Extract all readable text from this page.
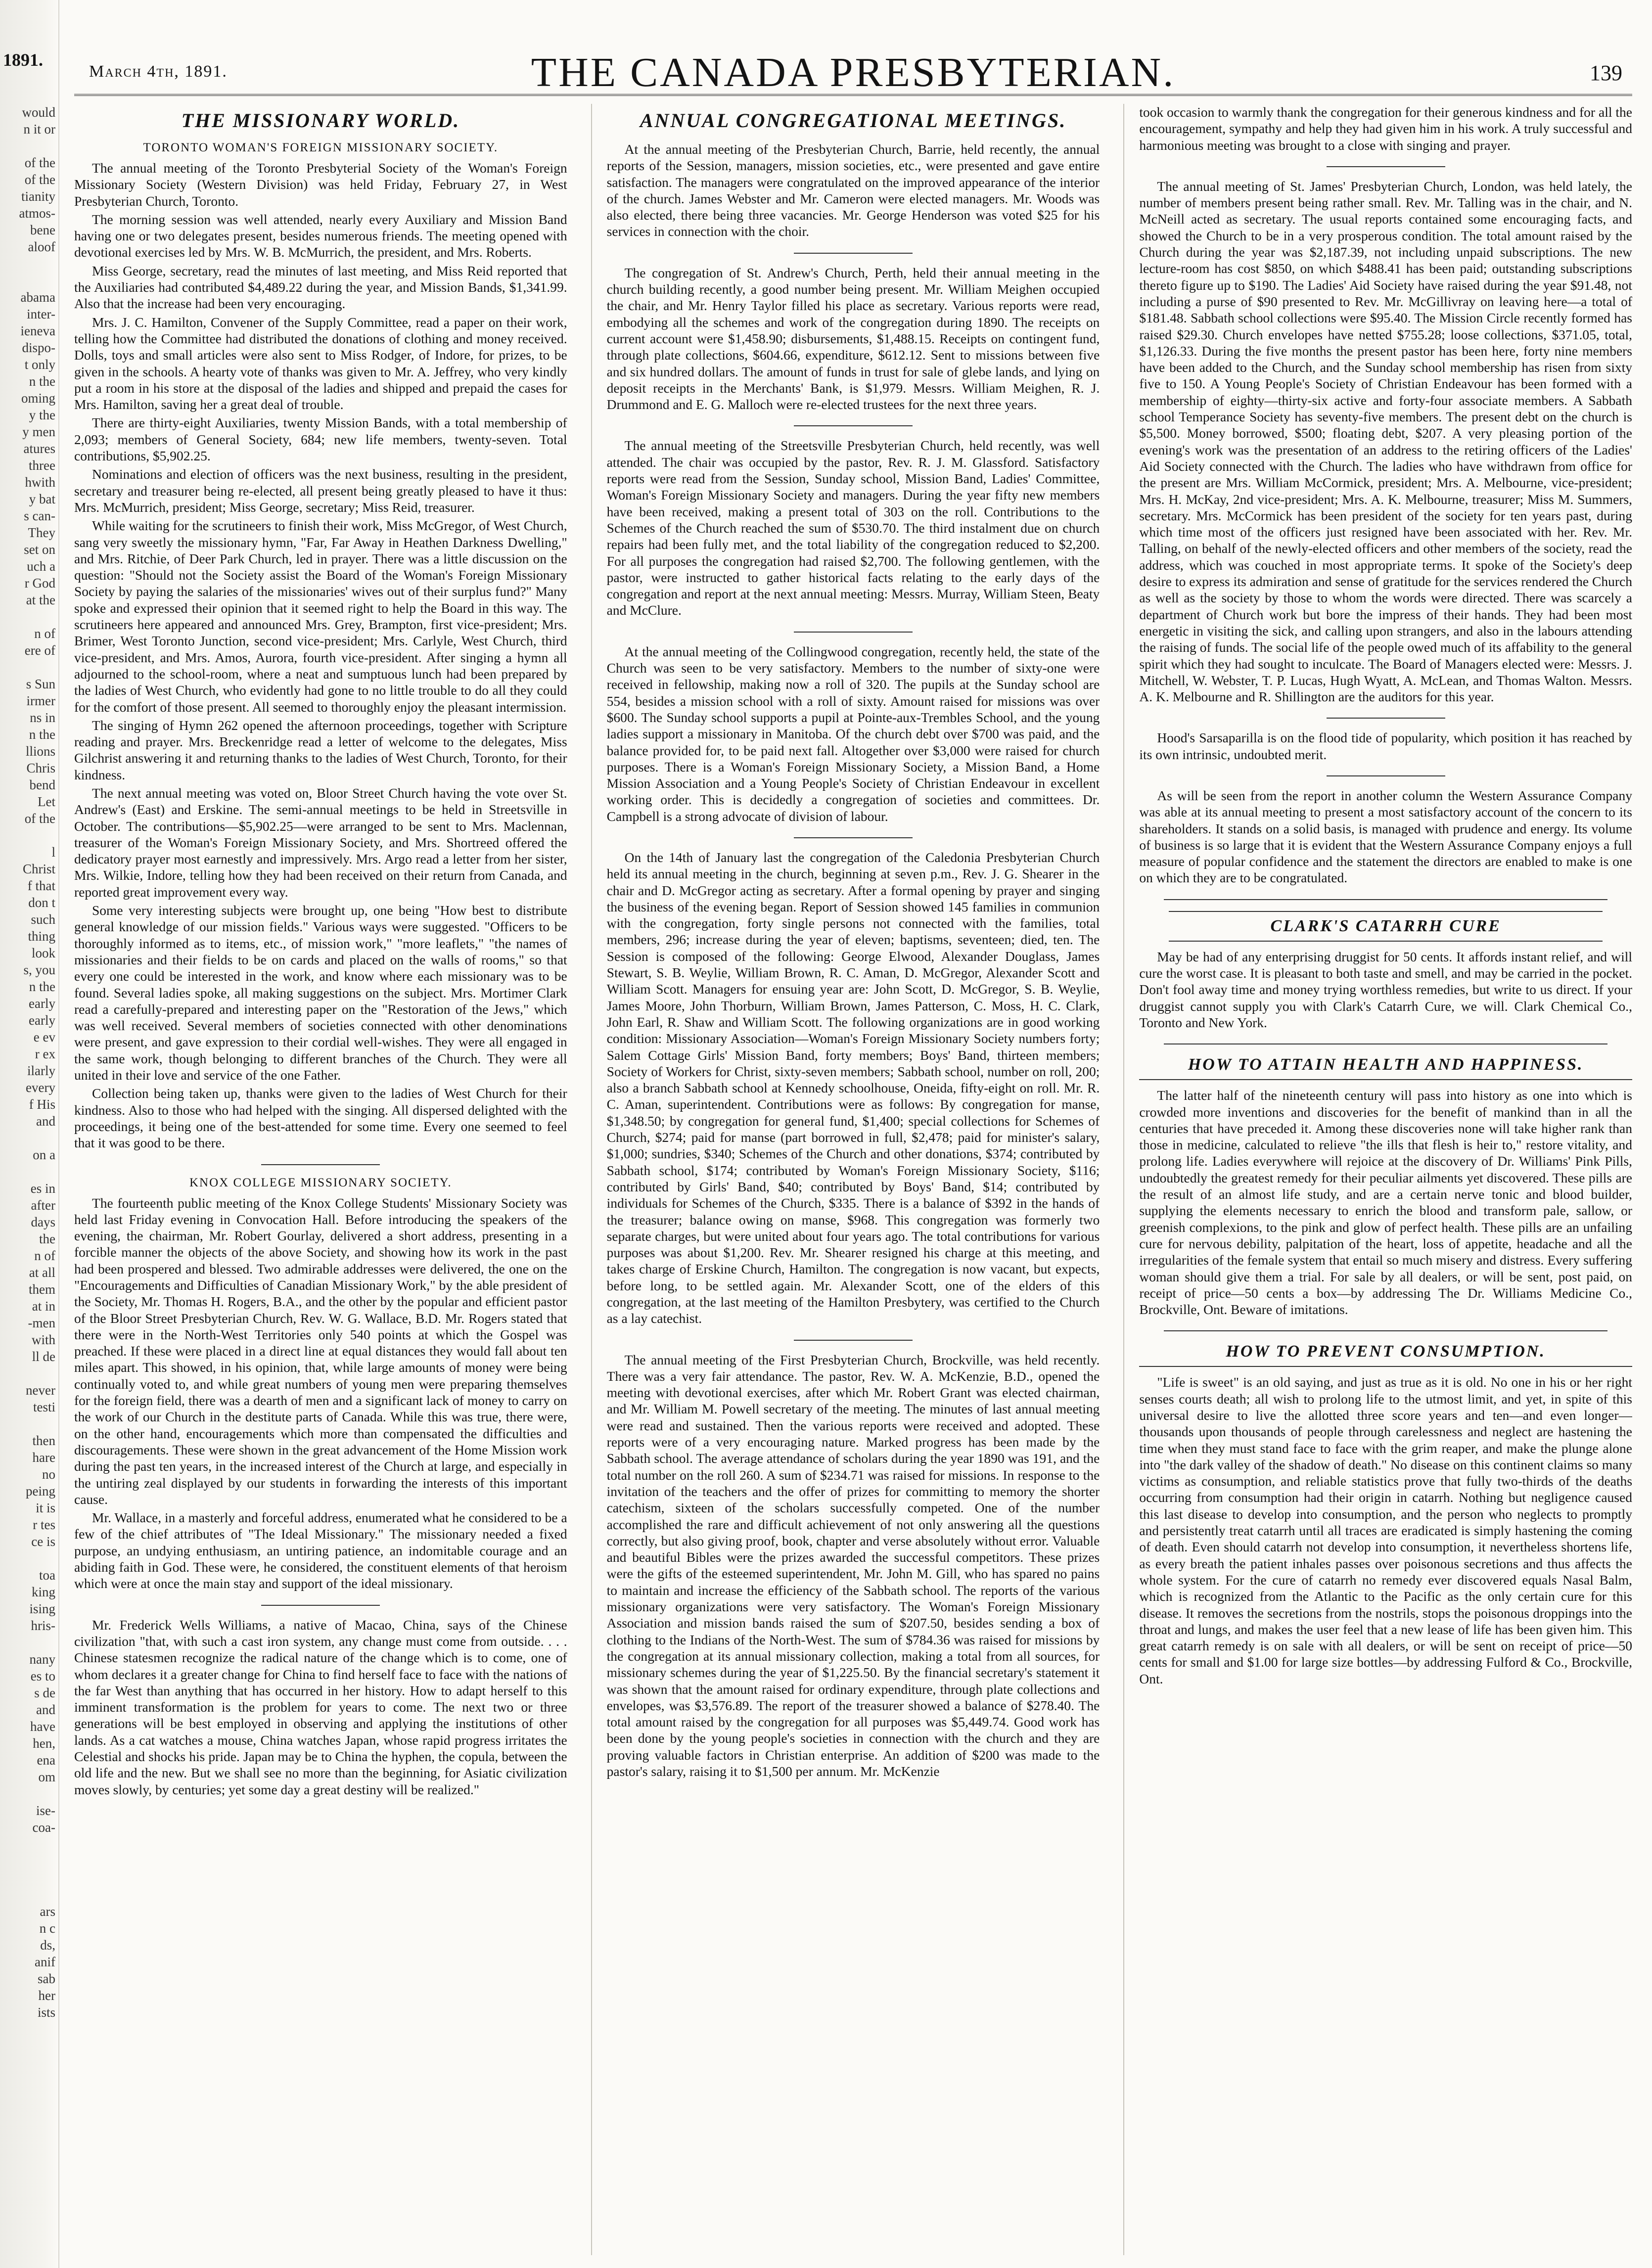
1891.
would
n it or

of the
of the
tianity
atmos-
bene
aloof

abama
inter-
ieneva
dispo-
t only
n the
oming
y the
y men
atures
three
hwith
y bat
s can-
They
set on
uch a
r God
at the

n of
ere of

s Sun
irmer
ns in
n the
llions
Chris
bend
Let
of the

l
Christ
f that
don t
such
thing
look
s, you
n the
early
early
e ev
r ex
ilarly
every
f His
and

on a

es in
after
days
the
n of
at all
them
at in
-men
with
ll de

never
testi

then
hare
no
peing
it is
r tes
ce is

toa
king
ising
hris-

nany
es to
s de
and
have
hen,
ena
om

ise-
coa-

ars
n c
ds,
anif
sab
her
ists
March 4th, 1891.	THE CANADA PRESBYTERIAN.	139
THE MISSIONARY WORLD.
TORONTO WOMAN'S FOREIGN MISSIONARY SOCIETY.

The annual meeting of the Toronto Presbyterial Society of the Woman's Foreign Missionary Society (Western Division) was held Friday, February 27, in West Presbyterian Church, Toronto.

The morning session was well attended, nearly every Auxiliary and Mission Band having one or two delegates present, besides numerous friends. The meeting opened with devotional exercises led by Mrs. W. B. McMurrich, the president, and Mrs. Roberts.

Miss George, secretary, read the minutes of last meeting, and Miss Reid reported that the Auxiliaries had contributed $4,489.22 during the year, and Mission Bands, $1,341.99. Also that the increase had been very encouraging.

Mrs. J. C. Hamilton, Convener of the Supply Committee, read a paper on their work, telling how the Committee had distributed the donations of clothing and money received. Dolls, toys and small articles were also sent to Miss Rodger, of Indore, for prizes, to be given in the schools. A hearty vote of thanks was given to Mr. A. Jeffrey, who very kindly put a room in his store at the disposal of the ladies and shipped and prepaid the cases for Mrs. Hamilton, saving her a great deal of trouble.

There are thirty-eight Auxiliaries, twenty Mission Bands, with a total membership of 2,093; members of General Society, 684; new life members, twenty-seven. Total contributions, $5,902.25.

Nominations and election of officers was the next business, resulting in the president, secretary and treasurer being re-elected, all present being greatly pleased to have it thus: Mrs. McMurrich, president; Miss George, secretary; Miss Reid, treasurer.

While waiting for the scrutineers to finish their work, Miss McGregor, of West Church, sang very sweetly the missionary hymn, "Far, Far Away in Heathen Darkness Dwelling," and Mrs. Ritchie, of Deer Park Church, led in prayer. There was a little discussion on the question: "Should not the Society assist the Board of the Woman's Foreign Missionary Society by paying the salaries of the missionaries' wives out of their surplus fund?" Many spoke and expressed their opinion that it seemed right to help the Board in this way. The scrutineers here appeared and announced Mrs. Grey, Brampton, first vice-president; Mrs. Brimer, West Toronto Junction, second vice-president; Mrs. Carlyle, West Church, third vice-president, and Mrs. Amos, Aurora, fourth vice-president. After singing a hymn all adjourned to the school-room, where a neat and sumptuous lunch had been prepared by the ladies of West Church, who evidently had gone to no little trouble to do all they could for the comfort of those present. All seemed to thoroughly enjoy the pleasant intermission.

The singing of Hymn 262 opened the afternoon proceedings, together with Scripture reading and prayer. Mrs. Breckenridge read a letter of welcome to the delegates, Miss Gilchrist answering it and returning thanks to the ladies of West Church, Toronto, for their kindness.

The next annual meeting was voted on, Bloor Street Church having the vote over St. Andrew's (East) and Erskine. The semi-annual meetings to be held in Streetsville in October. The contributions—$5,902.25—were arranged to be sent to Mrs. Maclennan, treasurer of the Woman's Foreign Missionary Society, and Mrs. Shortreed offered the dedicatory prayer most earnestly and impressively. Mrs. Argo read a letter from her sister, Mrs. Wilkie, Indore, telling how they had been received on their return from Canada, and reported great improvement every way.

Some very interesting subjects were brought up, one being "How best to distribute general knowledge of our mission fields." Various ways were suggested. "Officers to be thoroughly informed as to items, etc., of mission work," "more leaflets," "the names of missionaries and their fields to be on cards and placed on the walls of rooms," so that every one could be interested in the work, and know where each missionary was to be found. Several ladies spoke, all making suggestions on the subject. Mrs. Mortimer Clark read a carefully-prepared and interesting paper on the "Restoration of the Jews," which was well received. Several members of societies connected with other denominations were present, and gave expression to their cordial well-wishes. They were all engaged in the same work, though belonging to different branches of the Church. They were all united in their love and service of the one Father.

Collection being taken up, thanks were given to the ladies of West Church for their kindness. Also to those who had helped with the singing. All dispersed delighted with the proceedings, it being one of the best-attended for some time. Every one seemed to feel that it was good to be there.

KNOX COLLEGE MISSIONARY SOCIETY.

The fourteenth public meeting of the Knox College Students' Missionary Society was held last Friday evening in Convocation Hall. Before introducing the speakers of the evening, the chairman, Mr. Robert Gourlay, delivered a short address, presenting in a forcible manner the objects of the above Society, and showing how its work in the past had been prospered and blessed. Two admirable addresses were delivered, the one on the "Encouragements and Difficulties of Canadian Missionary Work," by the able president of the Society, Mr. Thomas H. Rogers, B.A., and the other by the popular and efficient pastor of the Bloor Street Presbyterian Church, Rev. W. G. Wallace, B.D. Mr. Rogers stated that there were in the North-West Territories only 540 points at which the Gospel was preached. If these were placed in a direct line at equal distances they would fall about ten miles apart. This showed, in his opinion, that, while large amounts of money were being continually voted to, and while great numbers of young men were preparing themselves for the foreign field, there was a dearth of men and a significant lack of money to carry on the work of our Church in the destitute parts of Canada. While this was true, there were, on the other hand, encouragements which more than compensated the difficulties and discouragements. These were shown in the great advancement of the Home Mission work during the past ten years, in the increased interest of the Church at large, and especially in the untiring zeal displayed by our students in forwarding the interests of this important cause.

Mr. Wallace, in a masterly and forceful address, enumerated what he considered to be a few of the chief attributes of "The Ideal Missionary." The missionary needed a fixed purpose, an undying enthusiasm, an untiring patience, an indomitable courage and an abiding faith in God. These were, he considered, the constituent elements of that heroism which were at once the main stay and support of the ideal missionary.

Mr. Frederick Wells Williams, a native of Macao, China, says of the Chinese civilization "that, with such a cast iron system, any change must come from outside. . . . Chinese statesmen recognize the radical nature of the change which is to come, one of whom declares it a greater change for China to find herself face to face with the nations of the far West than anything that has occurred in her history. How to adapt herself to this imminent transformation is the problem for years to come. The next two or three generations will be best employed in observing and applying the institutions of other lands. As a cat watches a mouse, China watches Japan, whose rapid progress irritates the Celestial and shocks his pride. Japan may be to China the hyphen, the copula, between the old life and the new. But we shall see no more than the beginning, for Asiatic civilization moves slowly, by centuries; yet some day a great destiny will be realized."

ANNUAL CONGREGATIONAL MEETINGS.

At the annual meeting of the Presbyterian Church, Barrie, held recently, the annual reports of the Session, managers, mission societies, etc., were presented and gave entire satisfaction. The managers were congratulated on the improved appearance of the interior of the church. James Webster and Mr. Cameron were elected managers. Mr. Woods was also elected, there being three vacancies. Mr. George Henderson was voted $25 for his services in connection with the choir.

The congregation of St. Andrew's Church, Perth, held their annual meeting in the church building recently, a good number being present. Mr. William Meighen occupied the chair, and Mr. Henry Taylor filled his place as secretary. Various reports were read, embodying all the schemes and work of the congregation during 1890. The receipts on current account were $1,458.90; disbursements, $1,488.15. Receipts on contingent fund, through plate collections, $604.66, expenditure, $612.12. Sent to missions between five and six hundred dollars. The amount of funds in trust for sale of glebe lands, and lying on deposit receipts in the Merchants' Bank, is $1,979. Messrs. William Meighen, R. J. Drummond and E. G. Malloch were re-elected trustees for the next three years.

The annual meeting of the Streetsville Presbyterian Church, held recently, was well attended. The chair was occupied by the pastor, Rev. R. J. M. Glassford. Satisfactory reports were read from the Session, Sunday school, Mission Band, Ladies' Committee, Woman's Foreign Missionary Society and managers. During the year fifty new members have been received, making a present total of 303 on the roll. Contributions to the Schemes of the Church reached the sum of $530.70. The third instalment due on church repairs had been fully met, and the total liability of the congregation reduced to $2,200. For all purposes the congregation had raised $2,700. The following gentlemen, with the pastor, were instructed to gather historical facts relating to the early days of the congregation and report at the next annual meeting: Messrs. Murray, William Steen, Beaty and McClure.

At the annual meeting of the Collingwood congregation, recently held, the state of the Church was seen to be very satisfactory. Members to the number of sixty-one were received in fellowship, making now a roll of 320. The pupils at the Sunday school are 554, besides a mission school with a roll of sixty. Amount raised for missions was over $600. The Sunday school supports a pupil at Pointe-aux-Trembles School, and the young ladies support a missionary in Manitoba. Of the church debt over $700 was paid, and the balance provided for, to be paid next fall. Altogether over $3,000 were raised for church purposes. There is a Woman's Foreign Missionary Society, a Mission Band, a Home Mission Association and a Young People's Society of Christian Endeavour in excellent working order. This is decidedly a congregation of societies and committees. Dr. Campbell is a strong advocate of division of labour.

On the 14th of January last the congregation of the Caledonia Presbyterian Church held its annual meeting in the church, beginning at seven p.m., Rev. J. G. Shearer in the chair and D. McGregor acting as secretary. After a formal opening by prayer and singing the business of the evening began. Report of Session showed 145 families in communion with the congregation, forty single persons not connected with the families, total members, 296; increase during the year of eleven; baptisms, seventeen; died, ten. The Session is composed of the following: George Elwood, Alexander Douglass, James Stewart, S. B. Weylie, William Brown, R. C. Aman, D. McGregor, Alexander Scott and William Scott. Managers for ensuing year are: John Scott, D. McGregor, S. B. Weylie, James Moore, John Thorburn, William Brown, James Patterson, C. Moss, H. C. Clark, John Earl, R. Shaw and William Scott. The following organizations are in good working condition: Missionary Association—Woman's Foreign Missionary Society numbers forty; Salem Cottage Girls' Mission Band, forty members; Boys' Band, thirteen members; Society of Workers for Christ, sixty-seven members; Sabbath school, number on roll, 200; also a branch Sabbath school at Kennedy schoolhouse, Oneida, fifty-eight on roll. Mr. R. C. Aman, superintendent. Contributions were as follows: By congregation for manse, $1,348.50; by congregation for general fund, $1,400; special collections for Schemes of Church, $274; paid for manse (part borrowed in full, $2,478; paid for minister's salary, $1,000; sundries, $340; Schemes of the Church and other donations, $374; contributed by Sabbath school, $174; contributed by Woman's Foreign Missionary Society, $116; contributed by Girls' Band, $40; contributed by Boys' Band, $14; contributed by individuals for Schemes of the Church, $335. There is a balance of $392 in the hands of the treasurer; balance owing on manse, $968. This congregation was formerly two separate charges, but were united about four years ago. The total contributions for various purposes was about $1,200. Rev. Mr. Shearer resigned his charge at this meeting, and takes charge of Erskine Church, Hamilton. The congregation is now vacant, but expects, before long, to be settled again. Mr. Alexander Scott, one of the elders of this congregation, at the last meeting of the Hamilton Presbytery, was certified to the Church as a lay catechist.

The annual meeting of the First Presbyterian Church, Brockville, was held recently. There was a very fair attendance. The pastor, Rev. W. A. McKenzie, B.D., opened the meeting with devotional exercises, after which Mr. Robert Grant was elected chairman, and Mr. William M. Powell secretary of the meeting. The minutes of last annual meeting were read and sustained. Then the various reports were received and adopted. These reports were of a very encouraging nature. Marked progress has been made by the Sabbath school. The average attendance of scholars during the year 1890 was 191, and the total number on the roll 260. A sum of $234.71 was raised for missions. In response to the invitation of the teachers and the offer of prizes for committing to memory the shorter catechism, sixteen of the scholars successfully competed. One of the number accomplished the rare and difficult achievement of not only answering all the questions correctly, but also giving proof, book, chapter and verse absolutely without error. Valuable and beautiful Bibles were the prizes awarded the successful competitors. These prizes were the gifts of the esteemed superintendent, Mr. John M. Gill, who has spared no pains to maintain and increase the efficiency of the Sabbath school. The reports of the various missionary organizations were very satisfactory. The Woman's Foreign Missionary Association and mission bands raised the sum of $207.50, besides sending a box of clothing to the Indians of the North-West. The sum of $784.36 was raised for missions by the congregation at its annual missionary collection, making a total from all sources, for missionary schemes during the year of $1,225.50. By the financial secretary's statement it was shown that the amount raised for ordinary expenditure, through plate collections and envelopes, was $3,576.89. The report of the treasurer showed a balance of $278.40. The total amount raised by the congregation for all purposes was $5,449.74. Good work has been done by the young people's societies in connection with the church and they are proving valuable factors in Christian enterprise. An addition of $200 was made to the pastor's salary, raising it to $1,500 per annum. Mr. McKenzie

took occasion to warmly thank the congregation for their generous kindness and for all the encouragement, sympathy and help they had given him in his work. A truly successful and harmonious meeting was brought to a close with singing and prayer.

The annual meeting of St. James' Presbyterian Church, London, was held lately, the number of members present being rather small. Rev. Mr. Talling was in the chair, and N. McNeill acted as secretary. The usual reports contained some encouraging facts, and showed the Church to be in a very prosperous condition. The total amount raised by the Church during the year was $2,187.39, not including unpaid subscriptions. The new lecture-room has cost $850, on which $488.41 has been paid; outstanding subscriptions thereto figure up to $190. The Ladies' Aid Society have raised during the year $91.48, not including a purse of $90 presented to Rev. Mr. McGillivray on leaving here—a total of $181.48. Sabbath school collections were $95.40. The Mission Circle recently formed has raised $29.30. Church envelopes have netted $755.28; loose collections, $371.05, total, $1,126.33. During the five months the present pastor has been here, forty nine members have been added to the Church, and the Sunday school membership has risen from sixty five to 150. A Young People's Society of Christian Endeavour has been formed with a membership of eighty—thirty-six active and forty-four associate members. A Sabbath school Temperance Society has seventy-five members. The present debt on the church is $5,500. Money borrowed, $500; floating debt, $207. A very pleasing portion of the evening's work was the presentation of an address to the retiring officers of the Ladies' Aid Society connected with the Church. The ladies who have withdrawn from office for the present are Mrs. William McCormick, president; Mrs. A. Melbourne, vice-president; Mrs. H. McKay, 2nd vice-president; Mrs. A. K. Melbourne, treasurer; Miss M. Summers, secretary. Mrs. McCormick has been president of the society for ten years past, during which time most of the officers just resigned have been associated with her. Rev. Mr. Talling, on behalf of the newly-elected officers and other members of the society, read the address, which was couched in most appropriate terms. It spoke of the Society's deep desire to express its admiration and sense of gratitude for the services rendered the Church as well as the society by those to whom the words were directed. There was scarcely a department of Church work but bore the impress of their hands. They had been most energetic in visiting the sick, and calling upon strangers, and also in the labours attending the raising of funds. The social life of the people owed much of its affability to the general spirit which they had sought to inculcate. The Board of Managers elected were: Messrs. J. Mitchell, W. Webster, T. P. Lucas, Hugh Wyatt, A. McLean, and Thomas Walton. Messrs. A. K. Melbourne and R. Shillington are the auditors for this year.

Hood's Sarsaparilla is on the flood tide of popularity, which position it has reached by its own intrinsic, undoubted merit.

As will be seen from the report in another column the Western Assurance Company was able at its annual meeting to present a most satisfactory account of the concern to its shareholders. It stands on a solid basis, is managed with prudence and energy. Its volume of business is so large that it is evident that the Western Assurance Company enjoys a full measure of popular confidence and the statement the directors are enabled to make is one on which they are to be congratulated.

CLARK'S CATARRH CURE

May be had of any enterprising druggist for 50 cents. It affords instant relief, and will cure the worst case. It is pleasant to both taste and smell, and may be carried in the pocket. Don't fool away time and money trying worthless remedies, but write to us direct. If your druggist cannot supply you with Clark's Catarrh Cure, we will. Clark Chemical Co., Toronto and New York.

HOW TO ATTAIN HEALTH AND HAPPINESS.

The latter half of the nineteenth century will pass into history as one into which is crowded more inventions and discoveries for the benefit of mankind than in all the centuries that have preceded it. Among these discoveries none will take higher rank than those in medicine, calculated to relieve "the ills that flesh is heir to," restore vitality, and prolong life. Ladies everywhere will rejoice at the discovery of Dr. Williams' Pink Pills, undoubtedly the greatest remedy for their peculiar ailments yet discovered. These pills are the result of an almost life study, and are a certain nerve tonic and blood builder, supplying the elements necessary to enrich the blood and transform pale, sallow, or greenish complexions, to the pink and glow of perfect health. These pills are an unfailing cure for nervous debility, palpitation of the heart, loss of appetite, headache and all the irregularities of the female system that entail so much misery and distress. Every suffering woman should give them a trial. For sale by all dealers, or will be sent, post paid, on receipt of price—50 cents a box—by addressing The Dr. Williams Medicine Co., Brockville, Ont. Beware of imitations.

HOW TO PREVENT CONSUMPTION.

"Life is sweet" is an old saying, and just as true as it is old. No one in his or her right senses courts death; all wish to prolong life to the utmost limit, and yet, in spite of this universal desire to live the allotted three score years and ten—and even longer—thousands upon thousands of people through carelessness and neglect are hastening the time when they must stand face to face with the grim reaper, and make the plunge alone into "the dark valley of the shadow of death." No disease on this continent claims so many victims as consumption, and reliable statistics prove that fully two-thirds of the deaths occurring from consumption had their origin in catarrh. Nothing but negligence caused this last disease to develop into consumption, and the person who neglects to promptly and persistently treat catarrh until all traces are eradicated is simply hastening the coming of death. Even should catarrh not develop into consumption, it nevertheless shortens life, as every breath the patient inhales passes over poisonous secretions and thus affects the whole system. For the cure of catarrh no remedy ever discovered equals Nasal Balm, which is recognized from the Atlantic to the Pacific as the only certain cure for this disease. It removes the secretions from the nostrils, stops the poisonous droppings into the throat and lungs, and makes the user feel that a new lease of life has been given him. This great catarrh remedy is on sale with all dealers, or will be sent on receipt of price—50 cents for small and $1.00 for large size bottles—by addressing Fulford & Co., Brockville, Ont.
